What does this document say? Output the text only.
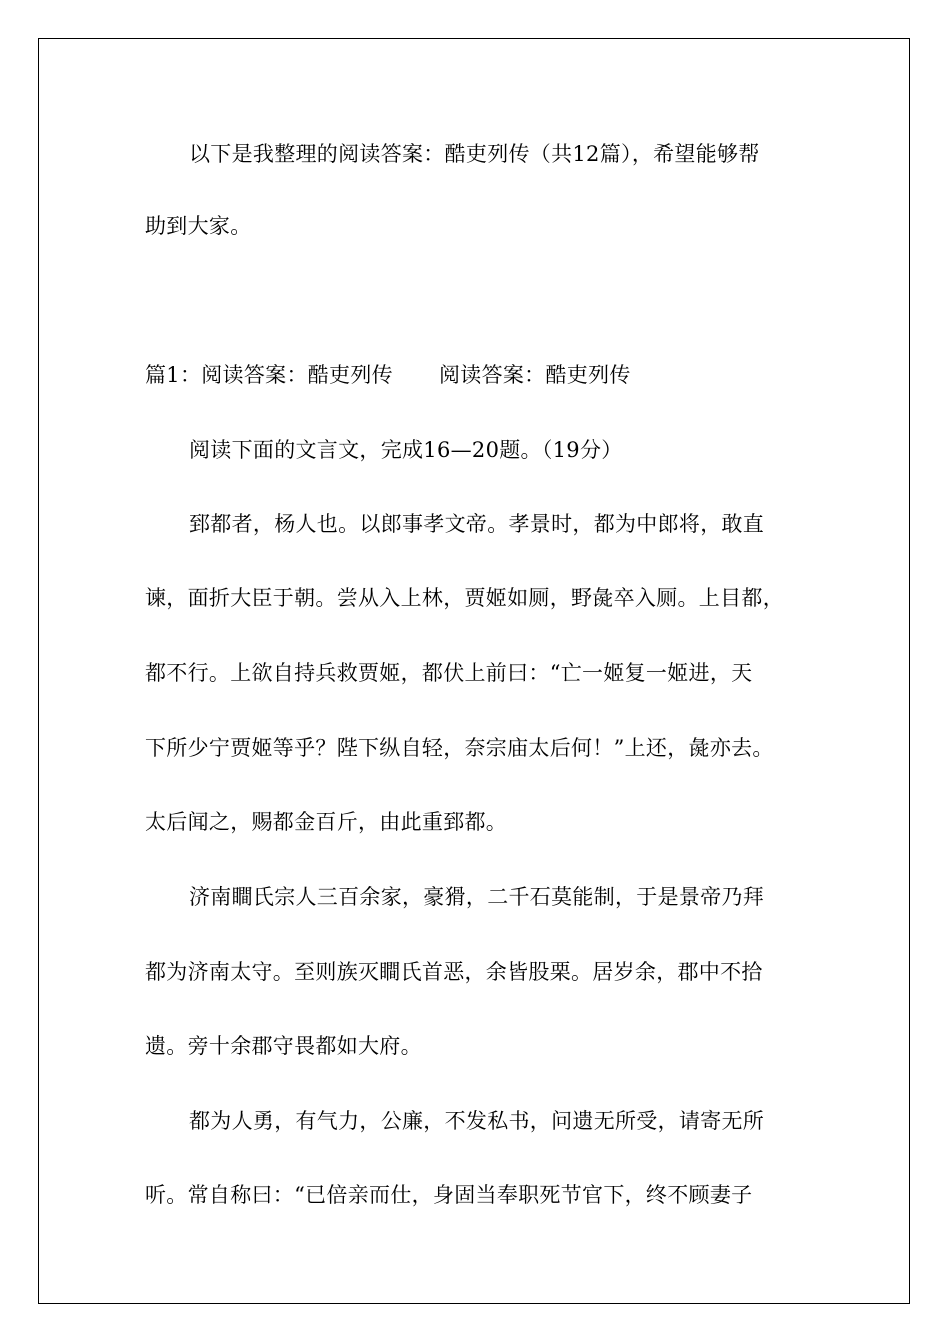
以下是我整理的阅读答案：酷吏列传（共12篇），希望能够帮
助到大家。
篇1：阅读答案：酷吏列传 阅读答案：酷吏列传
阅读下面的文言文，完成16—20题。（19分）
郅都者，杨人也。以郎事孝文帝。孝景时，都为中郎将，敢直
谏，面折大臣于朝。尝从入上林，贾姬如厕，野彘卒入厕。上目都，
都不行。上欲自持兵救贾姬，都伏上前曰：“亡一姬复一姬进，天
下所少宁贾姬等乎？陛下纵自轻，奈宗庙太后何！”上还，彘亦去。
太后闻之，赐都金百斤，由此重郅都。
济南瞷氏宗人三百余家，豪猾，二千石莫能制，于是景帝乃拜
都为济南太守。至则族灭瞷氏首恶，余皆股栗。居岁余，郡中不拾
遗。旁十余郡守畏都如大府。
都为人勇，有气力，公廉，不发私书，问遗无所受，请寄无所
听。常自称曰：“已倍亲而仕，身固当奉职死节官下，终不顾妻子
